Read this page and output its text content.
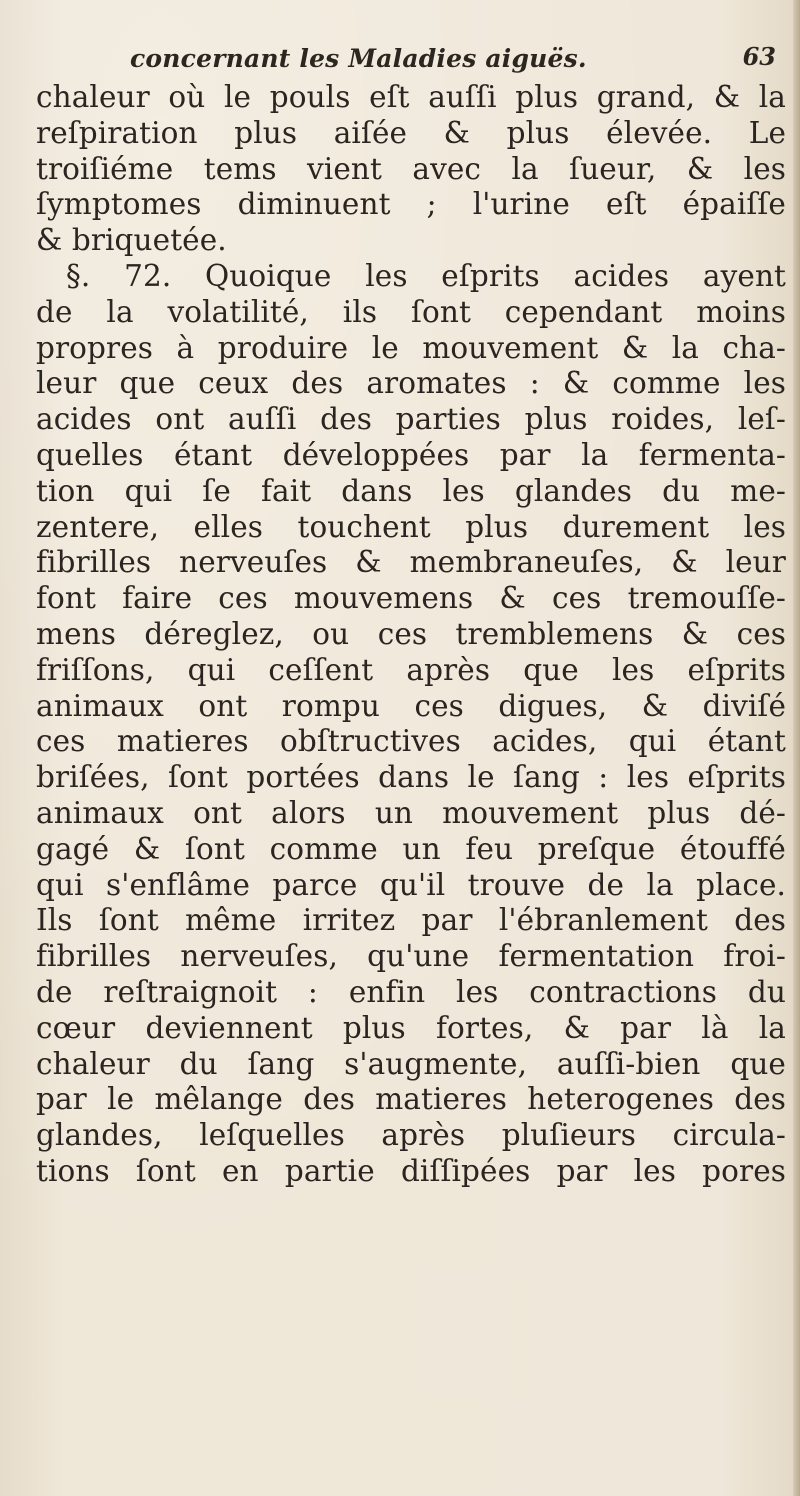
concernant les Maladies aiguës.	63
chaleur où le pouls eſt auſſi plus grand, & la
reſpiration plus aiſée & plus élevée. Le
troiſiéme tems vient avec la ſueur, & les
ſymptomes diminuent ; l'urine eſt épaiſſe
& briquetée.
§. 72. Quoique les eſprits acides ayent
de la volatilité, ils ſont cependant moins
propres à produire le mouvement & la cha-
leur que ceux des aromates : & comme les
acides ont auſſi des parties plus roides, leſ-
quelles étant développées par la fermenta-
tion qui ſe fait dans les glandes du me-
zentere, elles touchent plus durement les
fibrilles nerveuſes & membraneuſes, & leur
font faire ces mouvemens & ces tremouſſe-
mens déreglez, ou ces tremblemens & ces
friſſons, qui ceſſent après que les eſprits
animaux ont rompu ces digues, & diviſé
ces matieres obſtructives acides, qui étant
briſées, ſont portées dans le ſang : les eſprits
animaux ont alors un mouvement plus dé-
gagé & ſont comme un feu preſque étouffé
qui s'enflâme parce qu'il trouve de la place.
Ils ſont même irritez par l'ébranlement des
fibrilles nerveuſes, qu'une fermentation froi-
de reſtraignoit : enfin les contractions du
cœur deviennent plus fortes, & par là la
chaleur du ſang s'augmente, auſſi-bien que
par le mêlange des matieres heterogenes des
glandes, leſquelles après pluſieurs circula-
tions ſont en partie diſſipées par les pores
